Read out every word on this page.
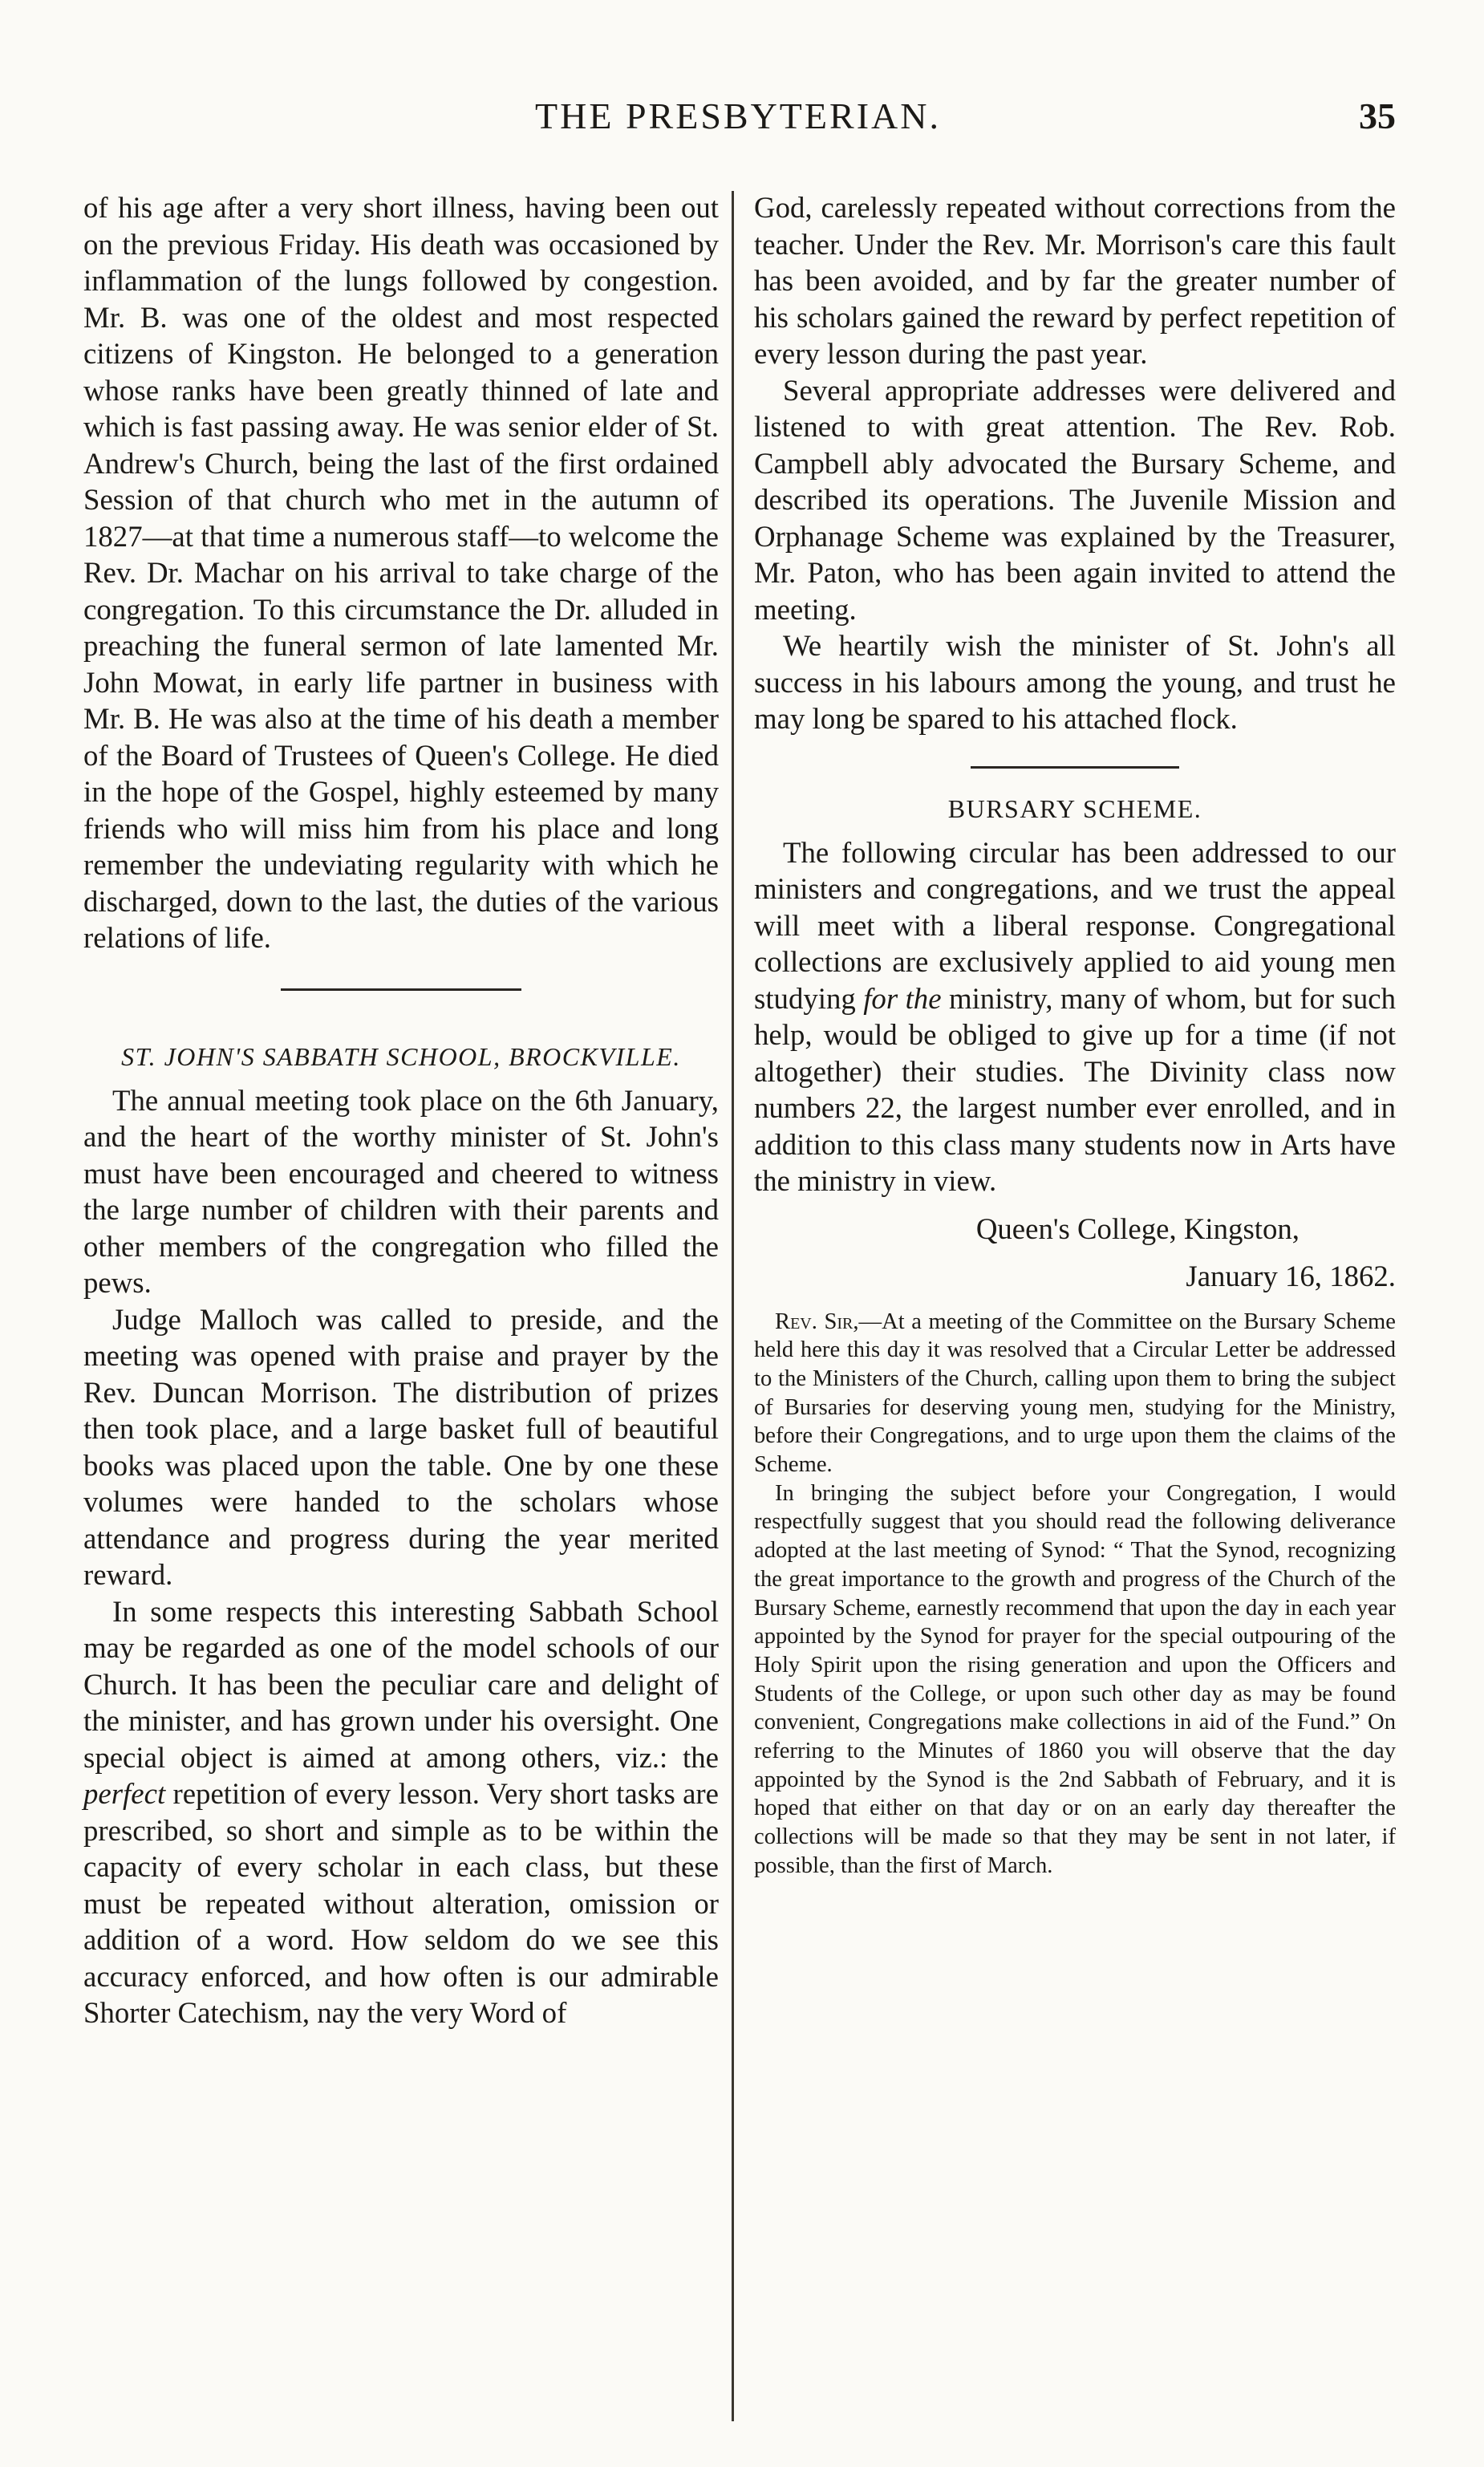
THE PRESBYTERIAN.	35

of his age after a very short illness, having been out on the previous Friday. His death was occasioned by inflammation of the lungs followed by congestion. Mr. B. was one of the oldest and most respected citizens of Kingston. He belonged to a generation whose ranks have been greatly thinned of late and which is fast passing away. He was senior elder of St. Andrew's Church, being the last of the first ordained Session of that church who met in the autumn of 1827—at that time a numerous staff—to welcome the Rev. Dr. Machar on his arrival to take charge of the congregation. To this circumstance the Dr. alluded in preaching the funeral sermon of late lamented Mr. John Mowat, in early life partner in business with Mr. B. He was also at the time of his death a member of the Board of Trustees of Queen's College. He died in the hope of the Gospel, highly esteemed by many friends who will miss him from his place and long remember the undeviating regularity with which he discharged, down to the last, the duties of the various relations of life.

ST. JOHN'S SABBATH SCHOOL, BROCKVILLE.

The annual meeting took place on the 6th January, and the heart of the worthy minister of St. John's must have been encouraged and cheered to witness the large number of children with their parents and other members of the congregation who filled the pews.

Judge Malloch was called to preside, and the meeting was opened with praise and prayer by the Rev. Duncan Morrison. The distribution of prizes then took place, and a large basket full of beautiful books was placed upon the table. One by one these volumes were handed to the scholars whose attendance and progress during the year merited reward.

In some respects this interesting Sabbath School may be regarded as one of the model schools of our Church. It has been the peculiar care and delight of the minister, and has grown under his oversight. One special object is aimed at among others, viz.: the perfect repetition of every lesson. Very short tasks are prescribed, so short and simple as to be within the capacity of every scholar in each class, but these must be repeated without alteration, omission or addition of a word. How seldom do we see this accuracy enforced, and how often is our admirable Shorter Catechism, nay the very Word of

God, carelessly repeated without corrections from the teacher. Under the Rev. Mr. Morrison's care this fault has been avoided, and by far the greater number of his scholars gained the reward by perfect repetition of every lesson during the past year.

Several appropriate addresses were delivered and listened to with great attention. The Rev. Rob. Campbell ably advocated the Bursary Scheme, and described its operations. The Juvenile Mission and Orphanage Scheme was explained by the Treasurer, Mr. Paton, who has been again invited to attend the meeting.

We heartily wish the minister of St. John's all success in his labours among the young, and trust he may long be spared to his attached flock.

BURSARY SCHEME.

The following circular has been addressed to our ministers and congregations, and we trust the appeal will meet with a liberal response. Congregational collections are exclusively applied to aid young men studying for the ministry, many of whom, but for such help, would be obliged to give up for a time (if not altogether) their studies. The Divinity class now numbers 22, the largest number ever enrolled, and in addition to this class many students now in Arts have the ministry in view.

Queen's College, Kingston,
January 16, 1862.

Rev. Sir,—At a meeting of the Committee on the Bursary Scheme held here this day it was resolved that a Circular Letter be addressed to the Ministers of the Church, calling upon them to bring the subject of Bursaries for deserving young men, studying for the Ministry, before their Congregations, and to urge upon them the claims of the Scheme.

In bringing the subject before your Congregation, I would respectfully suggest that you should read the following deliverance adopted at the last meeting of Synod: “ That the Synod, recognizing the great importance to the growth and progress of the Church of the Bursary Scheme, earnestly recommend that upon the day in each year appointed by the Synod for prayer for the special outpouring of the Holy Spirit upon the rising generation and upon the Officers and Students of the College, or upon such other day as may be found convenient, Congregations make collections in aid of the Fund.” On referring to the Minutes of 1860 you will observe that the day appointed by the Synod is the 2nd Sabbath of February, and it is hoped that either on that day or on an early day thereafter the collections will be made so that they may be sent in not later, if possible, than the first of March.
